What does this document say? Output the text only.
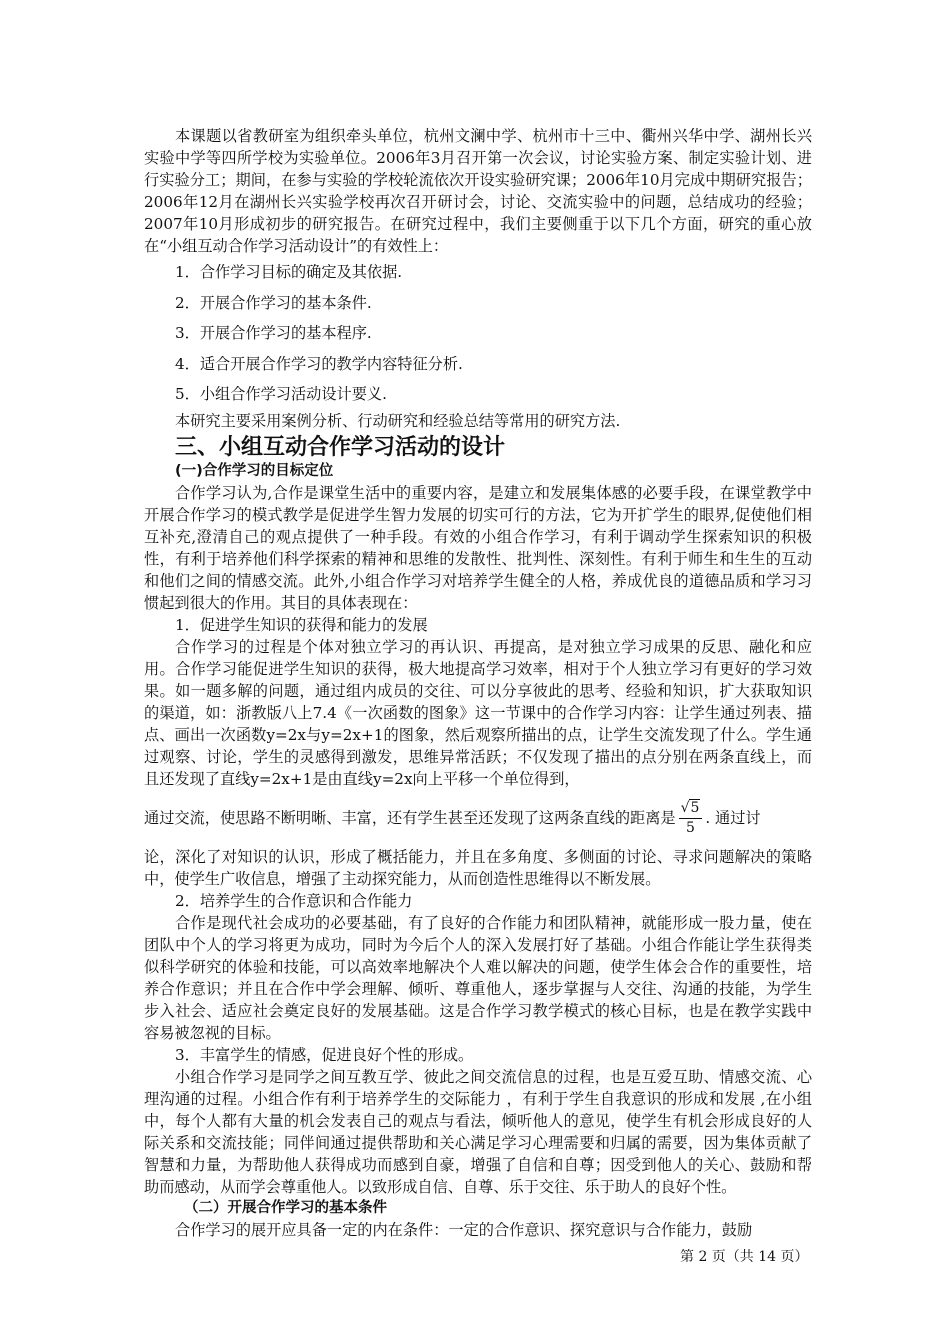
本课题以省教研室为组织牵头单位，杭州文澜中学、杭州市十三中、衢州兴华中学、湖州长兴实验中学等四所学校为实验单位。2006年3月召开第一次会议，讨论实验方案、制定实验计划、进行实验分工；期间，在参与实验的学校轮流依次开设实验研究课；2006年10月完成中期研究报告；2006年12月在湖州长兴实验学校再次召开研讨会，讨论、交流实验中的问题，总结成功的经验；2007年10月形成初步的研究报告。在研究过程中，我们主要侧重于以下几个方面，研究的重心放在“小组互动合作学习活动设计”的有效性上：

1．合作学习目标的确定及其依据.

2．开展合作学习的基本条件.

3．开展合作学习的基本程序.

4．适合开展合作学习的教学内容特征分析.

5．小组合作学习活动设计要义.

本研究主要采用案例分析、行动研究和经验总结等常用的研究方法.

三、小组互动合作学习活动的设计
(一)合作学习的目标定位

合作学习认为,合作是课堂生活中的重要内容，是建立和发展集体感的必要手段，在课堂教学中开展合作学习的模式教学是促进学生智力发展的切实可行的方法，它为开扩学生的眼界,促使他们相互补充,澄清自己的观点提供了一种手段。有效的小组合作学习，有利于调动学生探索知识的积极性，有利于培养他们科学探索的精神和思维的发散性、批判性、深刻性。有利于师生和生生的互动和他们之间的情感交流。此外,小组合作学习对培养学生健全的人格，养成优良的道德品质和学习习惯起到很大的作用。其目的具体表现在：

1．促进学生知识的获得和能力的发展

合作学习的过程是个体对独立学习的再认识、再提高，是对独立学习成果的反思、融化和应用。合作学习能促进学生知识的获得，极大地提高学习效率，相对于个人独立学习有更好的学习效果。如一题多解的问题，通过组内成员的交往、可以分享彼此的思考、经验和知识，扩大获取知识的渠道，如：浙教版八上7.4《一次函数的图象》这一节课中的合作学习内容：让学生通过列表、描点、画出一次函数y=2x与y=2x+1的图象，然后观察所描出的点，让学生交流发现了什么。学生通过观察、讨论，学生的灵感得到激发，思维异常活跃；不仅发现了描出的点分别在两条直线上，而且还发现了直线y=2x+1是由直线y=2x向上平移一个单位得到，

通过交流，使思路不断明晰、丰富，还有学生甚至还发现了这两条直线的距离是 $\frac{√5}{5}$ . 通过讨

论，深化了对知识的认识，形成了概括能力，并且在多角度、多侧面的讨论、寻求问题解决的策略中，使学生广收信息，增强了主动探究能力，从而创造性思维得以不断发展。

2．培养学生的合作意识和合作能力

合作是现代社会成功的必要基础，有了良好的合作能力和团队精神，就能形成一股力量，使在团队中个人的学习将更为成功，同时为今后个人的深入发展打好了基础。小组合作能让学生获得类似科学研究的体验和技能，可以高效率地解决个人难以解决的问题，使学生体会合作的重要性，培养合作意识；并且在合作中学会理解、倾听、尊重他人，逐步掌握与人交往、沟通的技能，为学生步入社会、适应社会奠定良好的发展基础。这是合作学习教学模式的核心目标，也是在教学实践中容易被忽视的目标。

3．丰富学生的情感，促进良好个性的形成。

小组合作学习是同学之间互教互学、彼此之间交流信息的过程，也是互爱互助、情感交流、心理沟通的过程。小组合作有利于培养学生的交际能力 ，有利于学生自我意识的形成和发展 ,在小组中，每个人都有大量的机会发表自己的观点与看法，倾听他人的意见，使学生有机会形成良好的人际关系和交流技能；同伴间通过提供帮助和关心满足学习心理需要和归属的需要，因为集体贡献了智慧和力量，为帮助他人获得成功而感到自豪，增强了自信和自尊；因受到他人的关心、鼓励和帮助而感动，从而学会尊重他人。以致形成自信、自尊、乐于交往、乐于助人的良好个性。

（二）开展合作学习的基本条件

合作学习的展开应具备一定的内在条件：一定的合作意识、探究意识与合作能力，鼓励

第 2 页（共 14 页）
